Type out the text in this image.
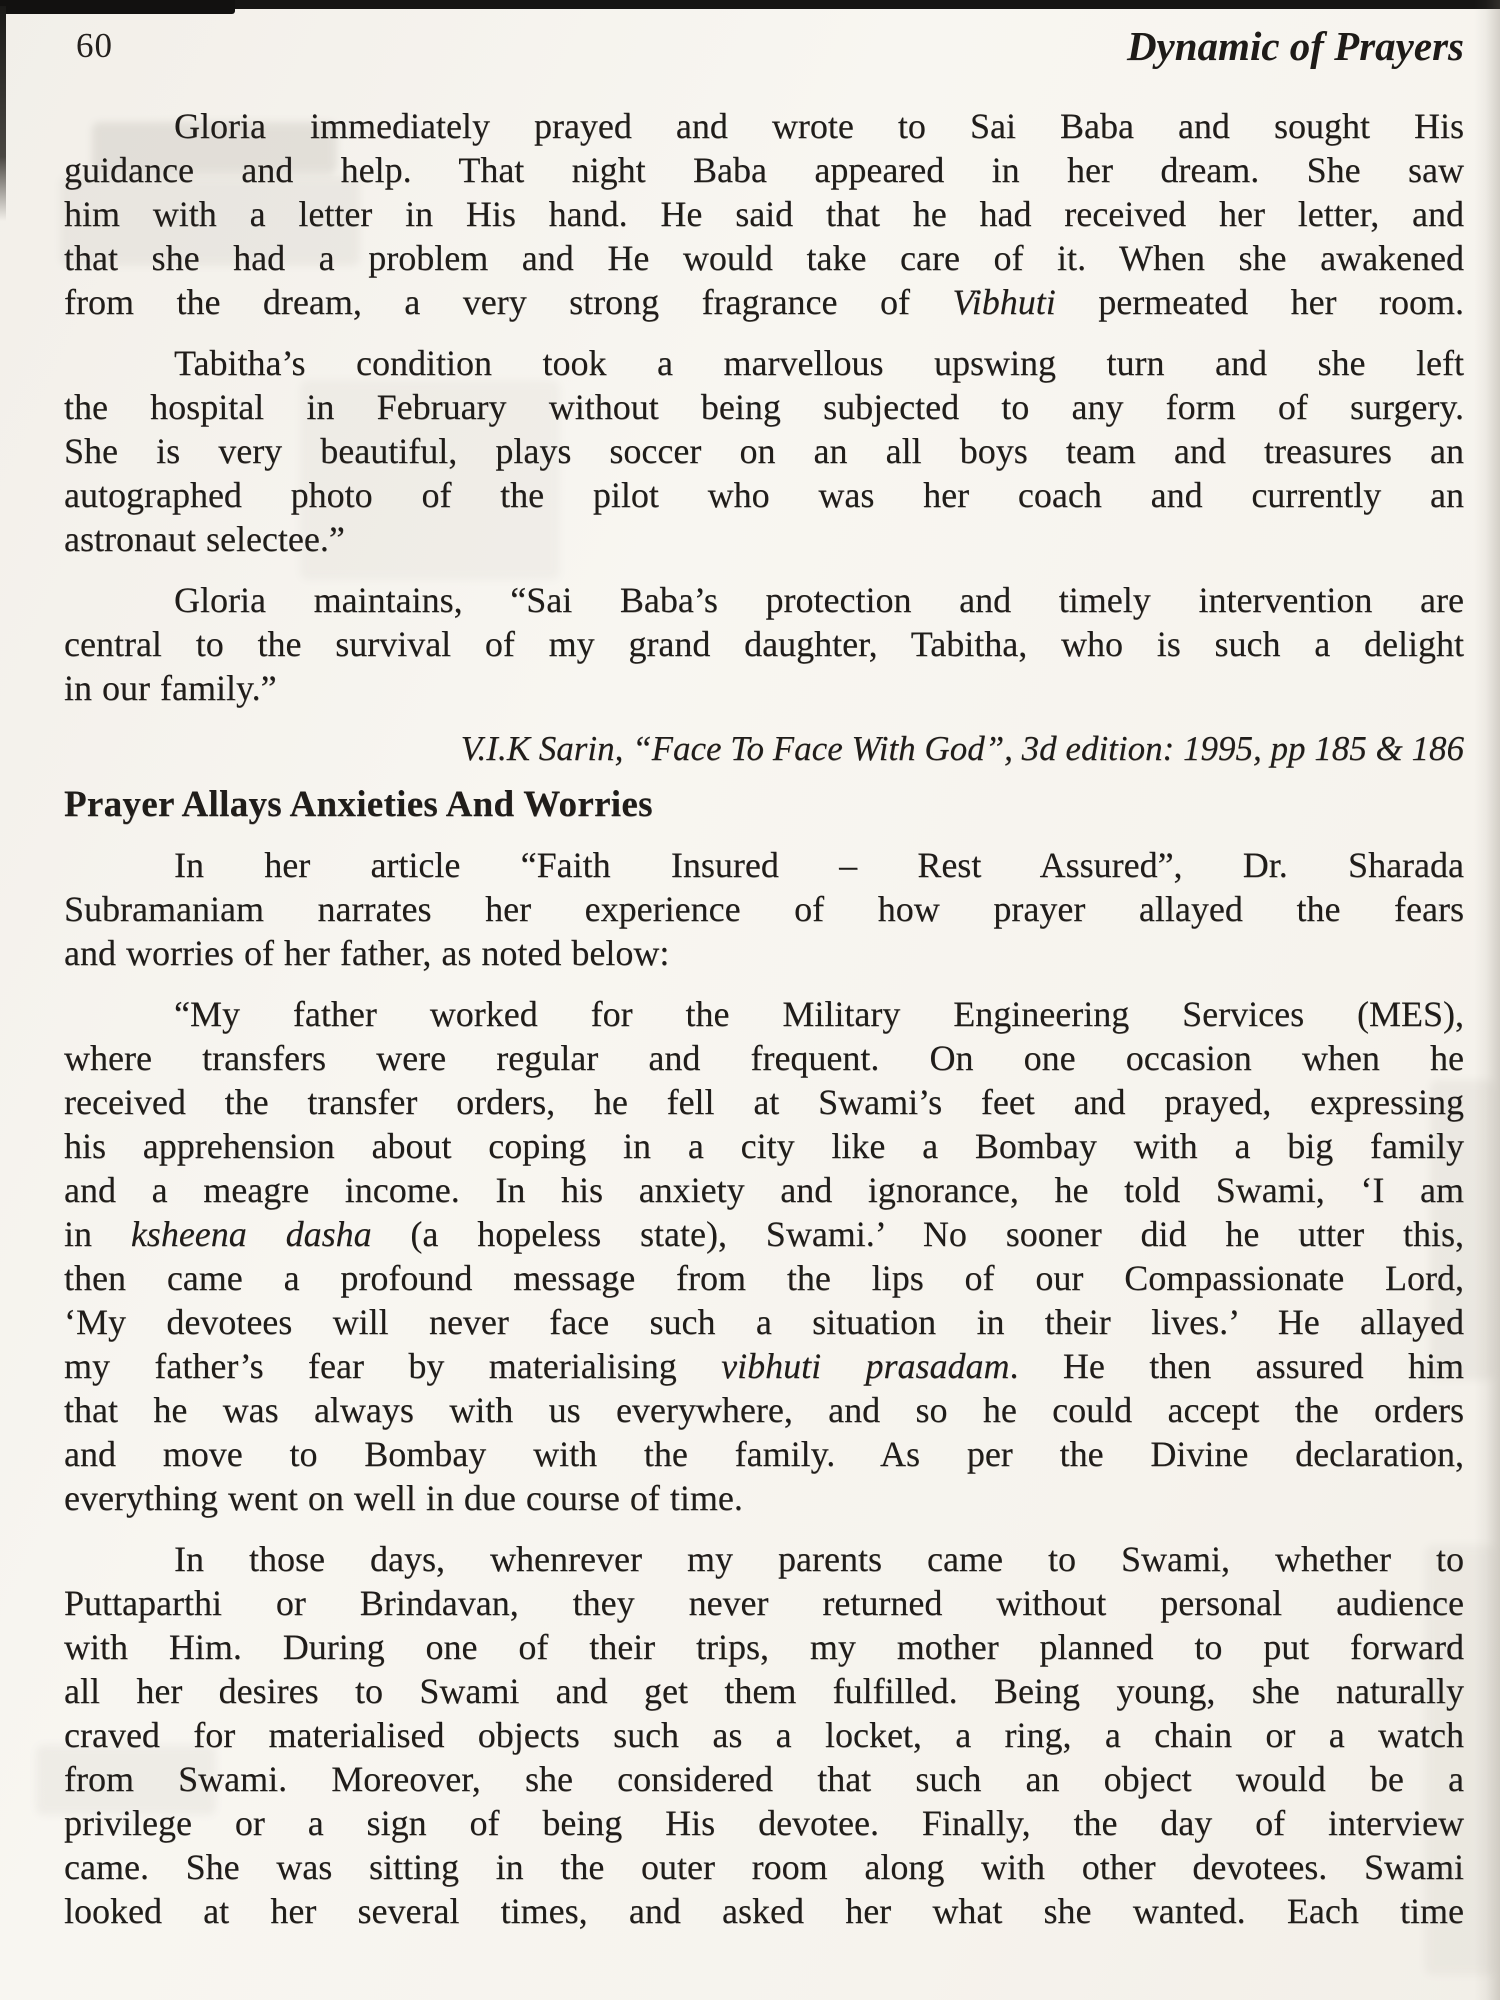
60	Dynamic of Prayers
Gloria immediately prayed and wrote to Sai Baba and sought His
guidance and help. That night Baba appeared in her dream. She saw
him with a letter in His hand. He said that he had received her letter, and
that she had a problem and He would take care of it. When she awakened
from the dream, a very strong fragrance of Vibhuti permeated her room.
Tabitha’s condition took a marvellous upswing turn and she left
the hospital in February without being subjected to any form of surgery.
She is very beautiful, plays soccer on an all boys team and treasures an
autographed photo of the pilot who was her coach and currently an
astronaut selectee.”
Gloria maintains, “Sai Baba’s protection and timely intervention are
central to the survival of my grand daughter, Tabitha, who is such a delight
in our family.”
V.I.K Sarin, “Face To Face With God”, 3d edition: 1995, pp 185 & 186
Prayer Allays Anxieties And Worries
In her article “Faith Insured – Rest Assured”, Dr. Sharada
Subramaniam narrates her experience of how prayer allayed the fears
and worries of her father, as noted below:
“My father worked for the Military Engineering Services (MES),
where transfers were regular and frequent. On one occasion when he
received the transfer orders, he fell at Swami’s feet and prayed, expressing
his apprehension about coping in a city like a Bombay with a big family
and a meagre income. In his anxiety and ignorance, he told Swami, ‘I am
in ksheena dasha (a hopeless state), Swami.’ No sooner did he utter this,
then came a profound message from the lips of our Compassionate Lord,
‘My devotees will never face such a situation in their lives.’ He allayed
my father’s fear by materialising vibhuti prasadam. He then assured him
that he was always with us everywhere, and so he could accept the orders
and move to Bombay with the family. As per the Divine declaration,
everything went on well in due course of time.
In those days, whenrever my parents came to Swami, whether to
Puttaparthi or Brindavan, they never returned without personal audience
with Him. During one of their trips, my mother planned to put forward
all her desires to Swami and get them fulfilled. Being young, she naturally
craved for materialised objects such as a locket, a ring, a chain or a watch
from Swami. Moreover, she considered that such an object would be a
privilege or a sign of being His devotee. Finally, the day of interview
came. She was sitting in the outer room along with other devotees. Swami
looked at her several times, and asked her what she wanted. Each time
